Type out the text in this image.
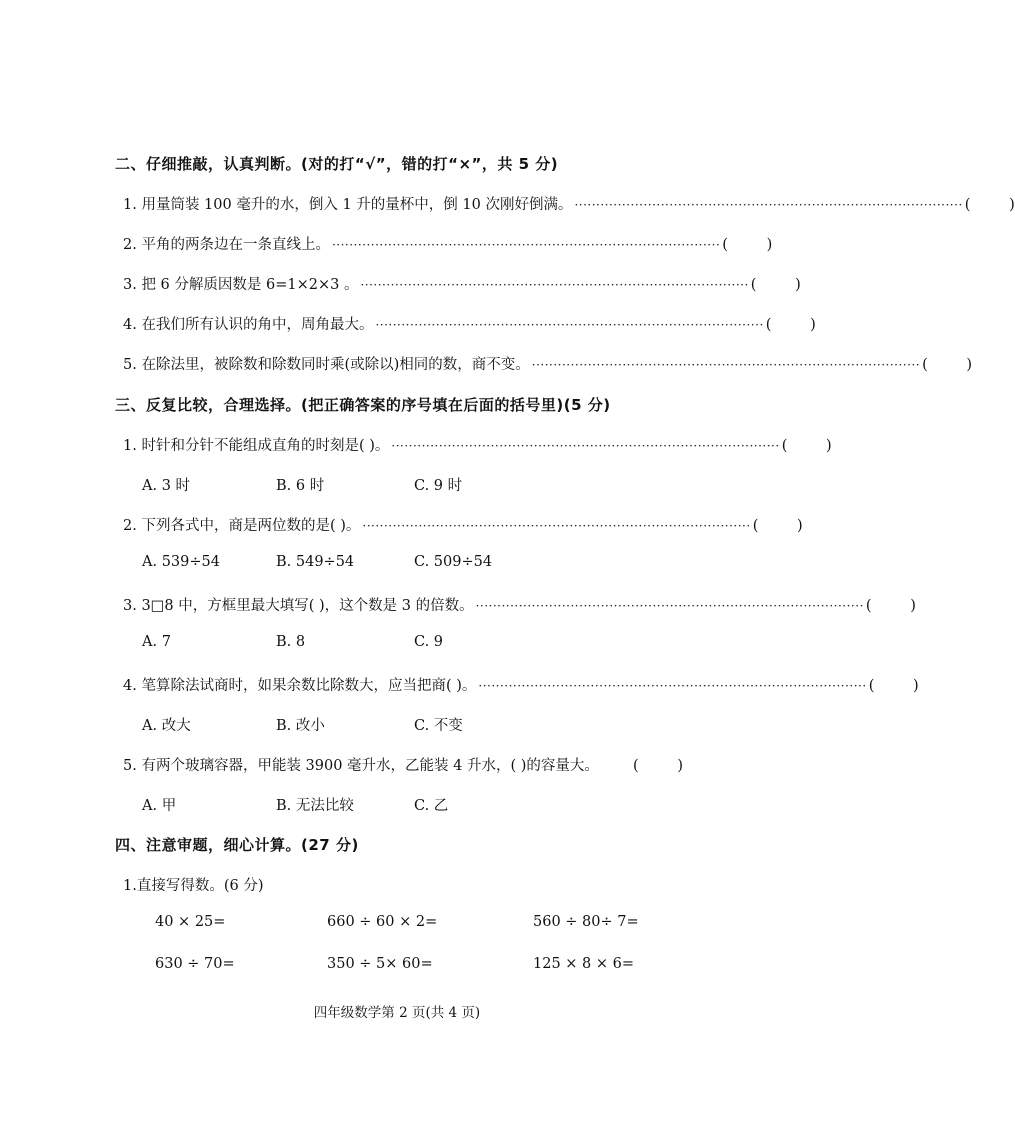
二、仔细推敲，认真判断。(对的打“√”，错的打“×”，共 5 分)
1. 用量筒装 100 毫升的水，倒入 1 升的量杯中，倒 10 次刚好倒满。 ·························································································· (	)
2. 平角的两条边在一条直线上。 ·························································································· (	)
3. 把 6 分解质因数是 6=1×2×3 。 ·························································································· (	)
4. 在我们所有认识的角中，周角最大。 ·························································································· (	)
5. 在除法里，被除数和除数同时乘(或除以)相同的数，商不变。 ·························································································· (	)
三、反复比较，合理选择。(把正确答案的序号填在后面的括号里)(5 分)
1. 时针和分针不能组成直角的时刻是( )。 ·························································································· (	)
A. 3 时	B. 6 时	C. 9 时
2. 下列各式中，商是两位数的是( )。 ·························································································· (	)
A. 539÷54	B. 549÷54	C. 509÷54
3. 3□8 中，方框里最大填写( )，这个数是 3 的倍数。 ·························································································· (	)
A. 7	B. 8	C. 9
4. 笔算除法试商时，如果余数比除数大，应当把商( )。 ·························································································· (	)
A. 改大	B. 改小	C. 不变
5. 有两个玻璃容器，甲能装 3900 毫升水，乙能装 4 升水，( )的容量大。 (	)
A. 甲	B. 无法比较	C. 乙
四、注意审题，细心计算。(27 分)
1.直接写得数。(6 分)
40 × 25=	660 ÷ 60 × 2=	560 ÷ 80÷ 7=
630 ÷ 70=	350 ÷ 5× 60=	125 × 8 × 6=
四年级数学第 2 页(共 4 页)
